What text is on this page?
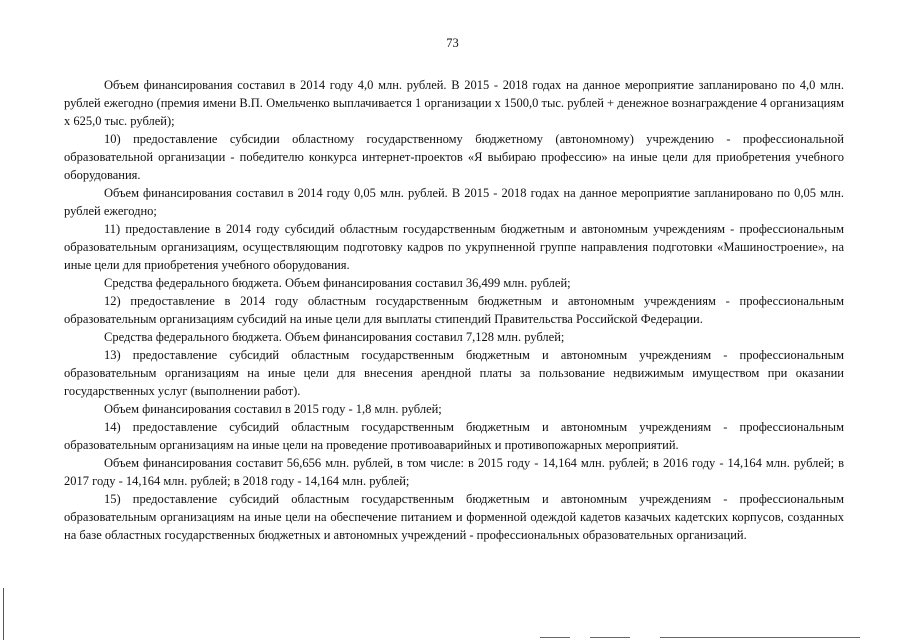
73

Объем финансирования составил в 2014 году 4,0 млн. рублей. В 2015 - 2018 годах на данное мероприятие запланировано по 4,0 млн. рублей ежегодно (премия имени В.П. Омельченко выплачивается 1 организации х 1500,0 тыс. рублей + денежное вознаграждение 4 организациям х 625,0 тыс. рублей);

10) предоставление субсидии областному государственному бюджетному (автономному) учреждению - профессиональной образовательной организации - победителю конкурса интернет-проектов «Я выбираю профессию» на иные цели для приобретения учебного оборудования.

Объем финансирования составил в 2014 году 0,05 млн. рублей. В 2015 - 2018 годах на данное мероприятие запланировано по 0,05 млн. рублей ежегодно;

11) предоставление в 2014 году субсидий областным государственным бюджетным и автономным учреждениям - профессиональным образовательным организациям, осуществляющим подготовку кадров по укрупненной группе направления подготовки «Машиностроение», на иные цели для приобретения учебного оборудования.

Средства федерального бюджета. Объем финансирования составил 36,499 млн. рублей;

12) предоставление в 2014 году областным государственным бюджетным и автономным учреждениям - профессиональным образовательным организациям субсидий на иные цели для выплаты стипендий Правительства Российской Федерации.

Средства федерального бюджета. Объем финансирования составил 7,128 млн. рублей;

13) предоставление субсидий областным государственным бюджетным и автономным учреждениям - профессиональным образовательным организациям на иные цели для внесения арендной платы за пользование недвижимым имуществом при оказании государственных услуг (выполнении работ).

Объем финансирования составил в 2015 году - 1,8 млн. рублей;

14) предоставление субсидий областным государственным бюджетным и автономным учреждениям - профессиональным образовательным организациям на иные цели на проведение противоаварийных и противопожарных мероприятий.

Объем финансирования составит 56,656 млн. рублей, в том числе: в 2015 году - 14,164 млн. рублей; в 2016 году - 14,164 млн. рублей; в 2017 году - 14,164 млн. рублей; в 2018 году - 14,164 млн. рублей;

15) предоставление субсидий областным государственным бюджетным и автономным учреждениям - профессиональным образовательным организациям на иные цели на обеспечение питанием и форменной одеждой кадетов казачьих кадетских корпусов, созданных на базе областных государственных бюджетных и автономных учреждений - профессиональных образовательных организаций.
